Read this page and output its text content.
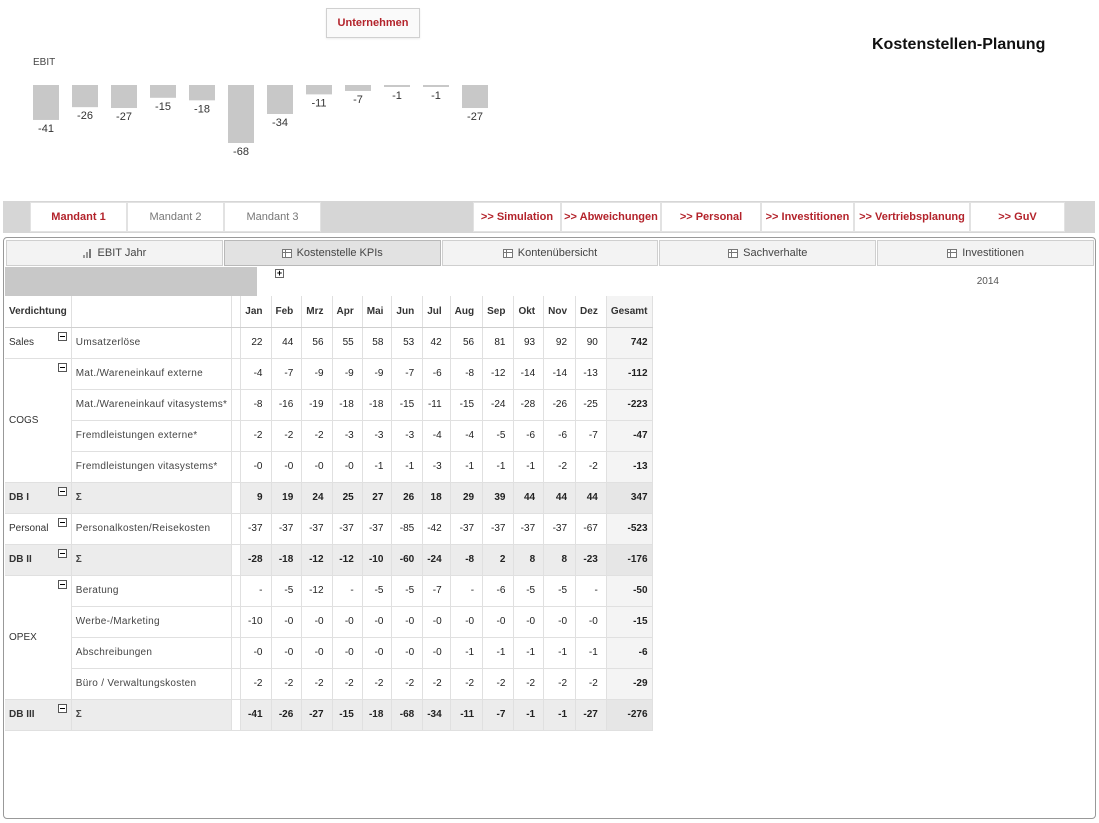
Unternehmen
Kostenstellen-Planung
EBIT
-41
-26 -27
-15 -18
-68
-34
-11 -7	-1	-1
-27
Mandant 1	Mandant 2	Mandant 3	>> Simulation	>> Abweichungen	>> Personal	>> Investitionen >> Vertriebsplanung	>> GuV
EBIT Jahr	Kostenstelle KPIs	Kontenübersicht	Sachverhalte	Investitionen
+
2014
Verdichtung			Jan	Feb	Mrz	Apr	Mai	Jun	Jul	Aug	Sep	Okt	Nov	Dez	Gesamt
Sales	Umsatzerlöse		22	44	56	55	58	53	42	56	81	93	92	90	742
COGS	Mat./Wareneinkauf externe		-4	-7	-9	-9	-9	-7	-6	-8	-12	-14	-14	-13	-112
	Mat./Wareneinkauf vitasystems*		-8	-16	-19	-18	-18	-15	-11	-15	-24	-28	-26	-25	-223
	Fremdleistungen externe*		-2	-2	-2	-3	-3	-3	-4	-4	-5	-6	-6	-7	-47
	Fremdleistungen vitasystems*		-0	-0	-0	-0	-1	-1	-3	-1	-1	-1	-2	-2	-13
DB I	Σ		9	19	24	25	27	26	18	29	39	44	44	44	347
Personal	Personalkosten/Reisekosten		-37	-37	-37	-37	-37	-85	-42	-37	-37	-37	-37	-67	-523
DB II	Σ		-28	-18	-12	-12	-10	-60	-24	-8	2	8	8	-23	-176
OPEX	Beratung		-	-5	-12	-	-5	-5	-7	-	-6	-5	-5	-	-50
	Werbe-/Marketing		-10	-0	-0	-0	-0	-0	-0	-0	-0	-0	-0	-0	-15
	Abschreibungen		-0	-0	-0	-0	-0	-0	-0	-1	-1	-1	-1	-1	-6
	Büro / Verwaltungskosten		-2	-2	-2	-2	-2	-2	-2	-2	-2	-2	-2	-2	-29
DB III	Σ		-41	-26	-27	-15	-18	-68	-34	-11	-7	-1	-1	-27	-276
